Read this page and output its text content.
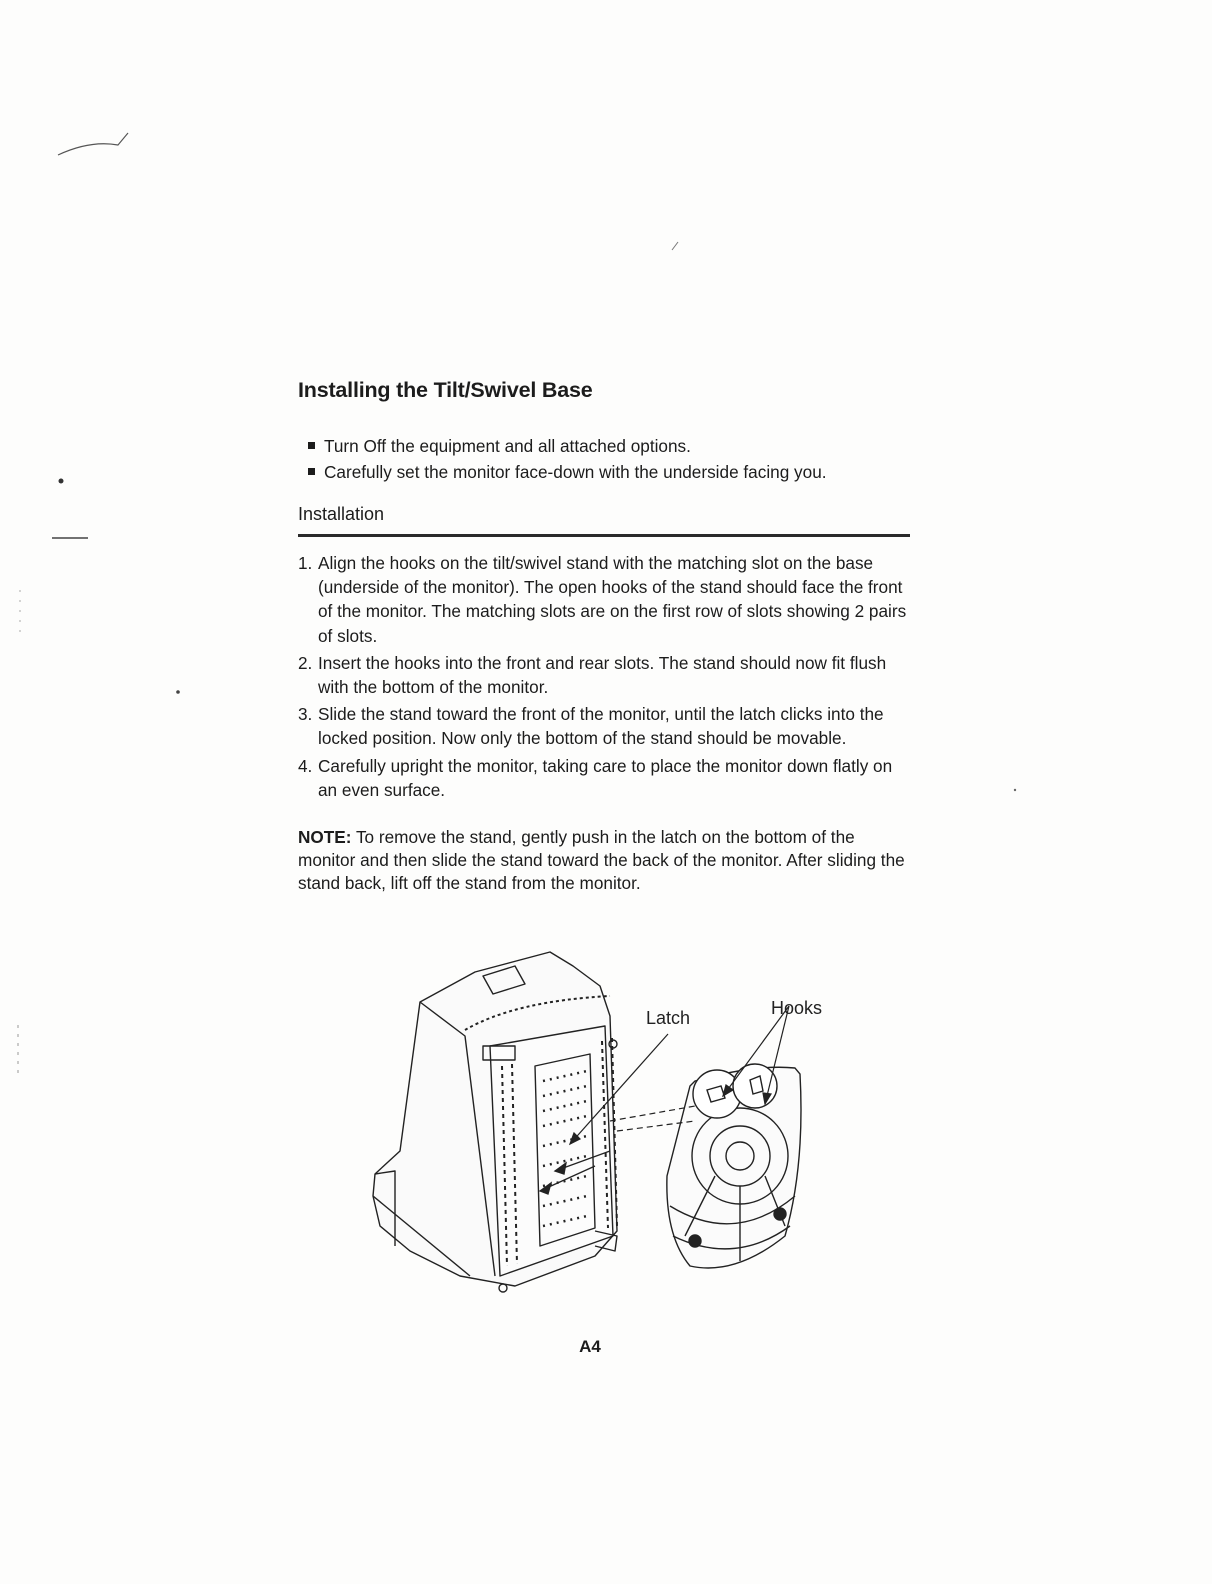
Installing the Tilt/Swivel Base
Turn Off the equipment and all attached options.
Carefully set the monitor face-down with the underside facing you.
Installation
1. Align the hooks on the tilt/swivel stand with the matching slot on the base (underside of the monitor). The open hooks of the stand should face the front of the monitor. The matching slots are on the first row of slots showing 2 pairs of slots.
2. Insert the hooks into the front and rear slots. The stand should now fit flush with the bottom of the monitor.
3. Slide the stand toward the front of the monitor, until the latch clicks into the locked position. Now only the bottom of the stand should be movable.
4. Carefully upright the monitor, taking care to place the monitor down flatly on an even surface.

NOTE: To remove the stand, gently push in the latch on the bottom of the monitor and then slide the stand toward the back of the monitor. After sliding the stand back, lift off the stand from the monitor.

Latch	Hooks
A4
